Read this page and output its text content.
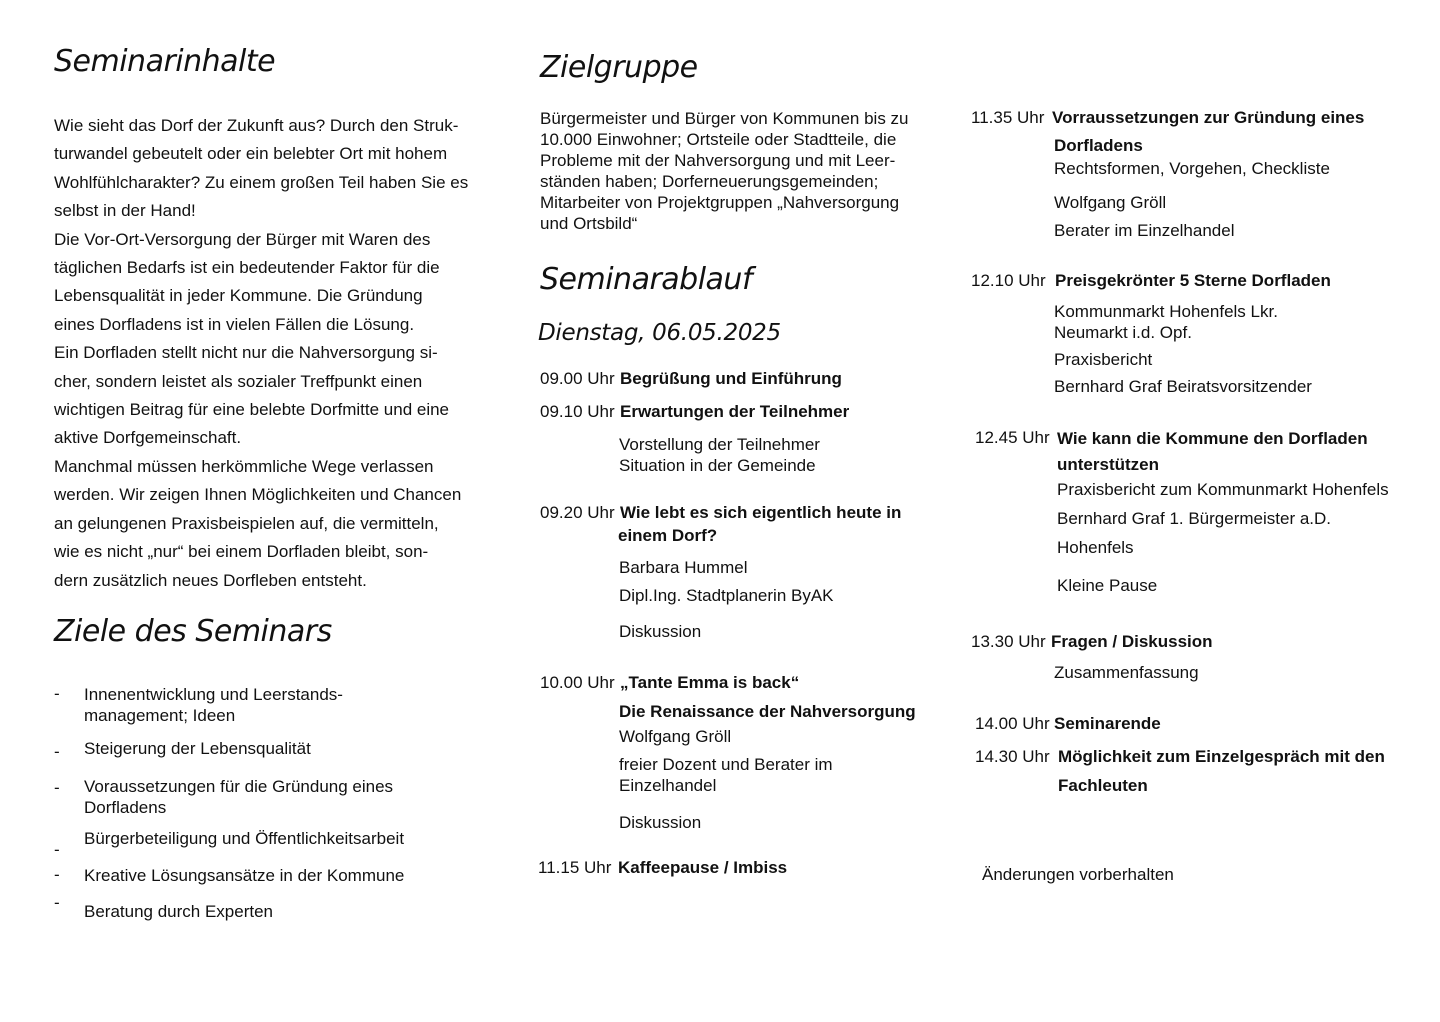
Seminarinhalte

Wie sieht das Dorf der Zukunft aus? Durch den Struk-

turwandel gebeutelt oder ein belebter Ort mit hohem

Wohlfühlcharakter? Zu einem großen Teil haben Sie es

selbst in der Hand!

Die Vor-Ort-Versorgung der Bürger mit Waren des

täglichen Bedarfs ist ein bedeutender Faktor für die

Lebensqualität in jeder Kommune. Die Gründung

eines Dorfladens ist in vielen Fällen die Lösung.

Ein Dorfladen stellt nicht nur die Nahversorgung si-

cher, sondern leistet als sozialer Treffpunkt einen

wichtigen Beitrag für eine belebte Dorfmitte und eine

aktive Dorfgemeinschaft.

Manchmal müssen herkömmliche Wege verlassen

werden. Wir zeigen Ihnen Möglichkeiten und Chancen

an gelungenen Praxisbeispielen auf, die vermitteln,

wie es nicht „nur“ bei einem Dorfladen bleibt, son-

dern zusätzlich neues Dorfleben entsteht.

Ziele des Seminars
- Innenentwicklung und Leerstands-
management; Ideen
- Steigerung der Lebensqualität
- Voraussetzungen für die Gründung eines
Dorfladens
-
Bürgerbeteiligung und Öffentlichkeitsarbeit
- Kreative Lösungsansätze in der Kommune
- Beratung durch Experten
Zielgruppe
Bürgermeister und Bürger von Kommunen bis zu
10.000 Einwohner; Ortsteile oder Stadtteile, die
Probleme mit der Nahversorgung und mit Leer-
ständen haben; Dorferneuerungsgemeinden;
Mitarbeiter von Projektgruppen „Nahversorgung
und Ortsbild“
Seminarablauf
Dienstag, 06.05.2025
09.00 Uhr Begrüßung und Einführung
09.10 Uhr Erwartungen der Teilnehmer
Vorstellung der Teilnehmer
Situation in der Gemeinde
09.20 Uhr Wie lebt es sich eigentlich heute in
einem Dorf?
Barbara Hummel
Dipl.Ing. Stadtplanerin ByAK
Diskussion
10.00 Uhr „Tante Emma is back“
Die Renaissance der Nahversorgung
Wolfgang Gröll
freier Dozent und Berater im
Einzelhandel
Diskussion
11.15 Uhr Kaffeepause / Imbiss
11.35 Uhr Vorraussetzungen zur Gründung eines
Dorfladens
Rechtsformen, Vorgehen, Checkliste
Wolfgang Gröll
Berater im Einzelhandel
12.10 Uhr Preisgekrönter 5 Sterne Dorfladen
Kommunmarkt Hohenfels Lkr.
Neumarkt i.d. Opf.
Praxisbericht
Bernhard Graf Beiratsvorsitzender
12.45 Uhr Wie kann die Kommune den Dorfladen
unterstützen
Praxisbericht zum Kommunmarkt Hohenfels
Bernhard Graf 1. Bürgermeister a.D.
Hohenfels
Kleine Pause
13.30 Uhr Fragen / Diskussion
Zusammenfassung
14.00 Uhr Seminarende
14.30 Uhr Möglichkeit zum Einzelgespräch mit den
Fachleuten
Änderungen vorberhalten
